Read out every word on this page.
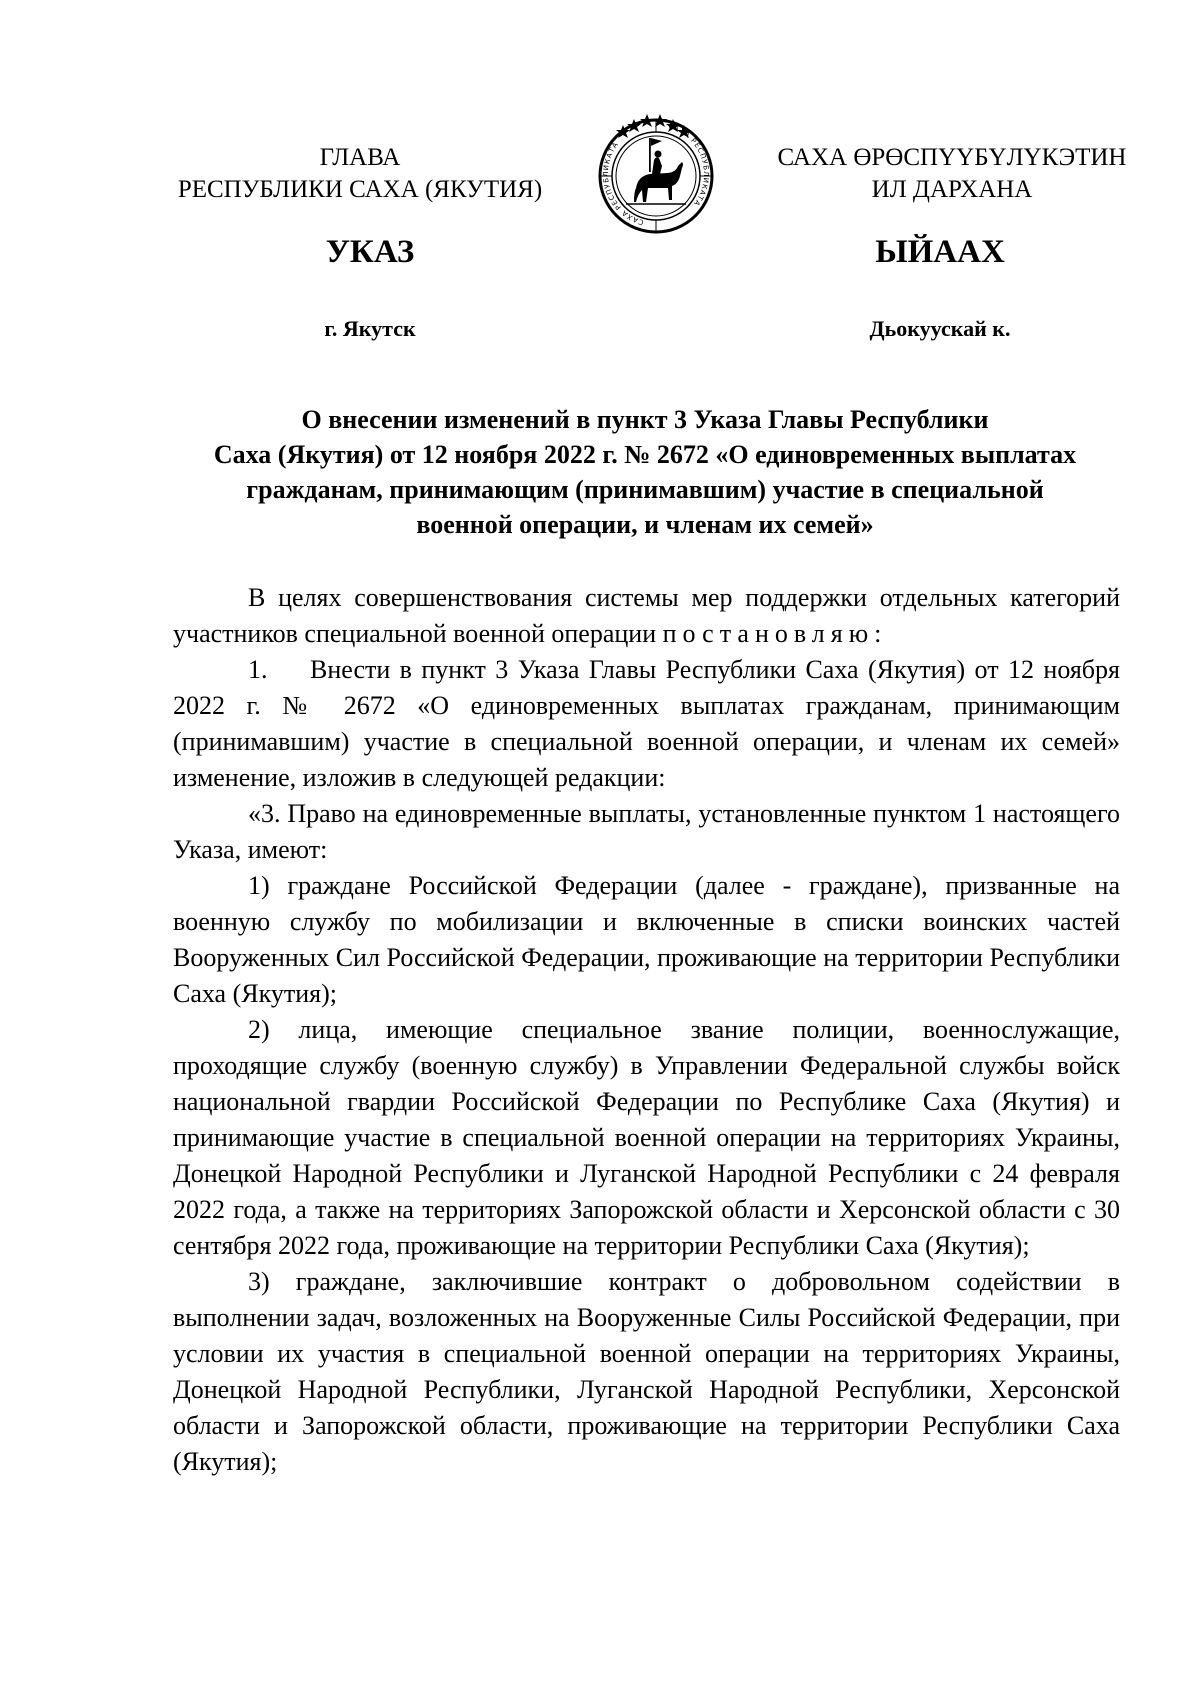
ГЛАВА
РЕСПУБЛИКИ САХА (ЯКУТИЯ)
САХА РЕСПУБЛИКАТА
САХА РЕСПУБЛИКАТА
САХА ӨРӨСПҮҮБҮЛҮКЭТИН
ИЛ ДАРХАНА
УКАЗ	ЫЙААХ
г. Якутск	Дьокуускай к.
О внесении изменений в пункт 3 Указа Главы Республики
Саха (Якутия) от 12 ноября 2022 г. № 2672 «О единовременных выплатах
гражданам, принимающим (принимавшим) участие в специальной
военной операции, и членам их семей»

В целях совершенствования системы мер поддержки отдельных категорий участников специальной военной операции постановляю:

1. Внести в пункт 3 Указа Главы Республики Саха (Якутия) от 12 ноября 2022 г. № 2672 «О единовременных выплатах гражданам, принимающим (принимавшим) участие в специальной военной операции, и членам их семей» изменение, изложив в следующей редакции:

«3. Право на единовременные выплаты, установленные пунктом 1 настоящего Указа, имеют:

1) граждане Российской Федерации (далее - граждане), призванные на военную службу по мобилизации и включенные в списки воинских частей Вооруженных Сил Российской Федерации, проживающие на территории Республики Саха (Якутия);

2) лица, имеющие специальное звание полиции, военнослужащие, проходящие службу (военную службу) в Управлении Федеральной службы войск национальной гвардии Российской Федерации по Республике Саха (Якутия) и принимающие участие в специальной военной операции на территориях Украины, Донецкой Народной Республики и Луганской Народной Республики с 24 февраля 2022 года, а также на территориях Запорожской области и Херсонской области с 30 сентября 2022 года, проживающие на территории Республики Саха (Якутия);

3) граждане, заключившие контракт о добровольном содействии в выполнении задач, возложенных на Вооруженные Силы Российской Федерации, при условии их участия в специальной военной операции на территориях Украины, Донецкой Народной Республики, Луганской Народной Республики, Херсонской области и Запорожской области, проживающие на территории Республики Саха (Якутия);
